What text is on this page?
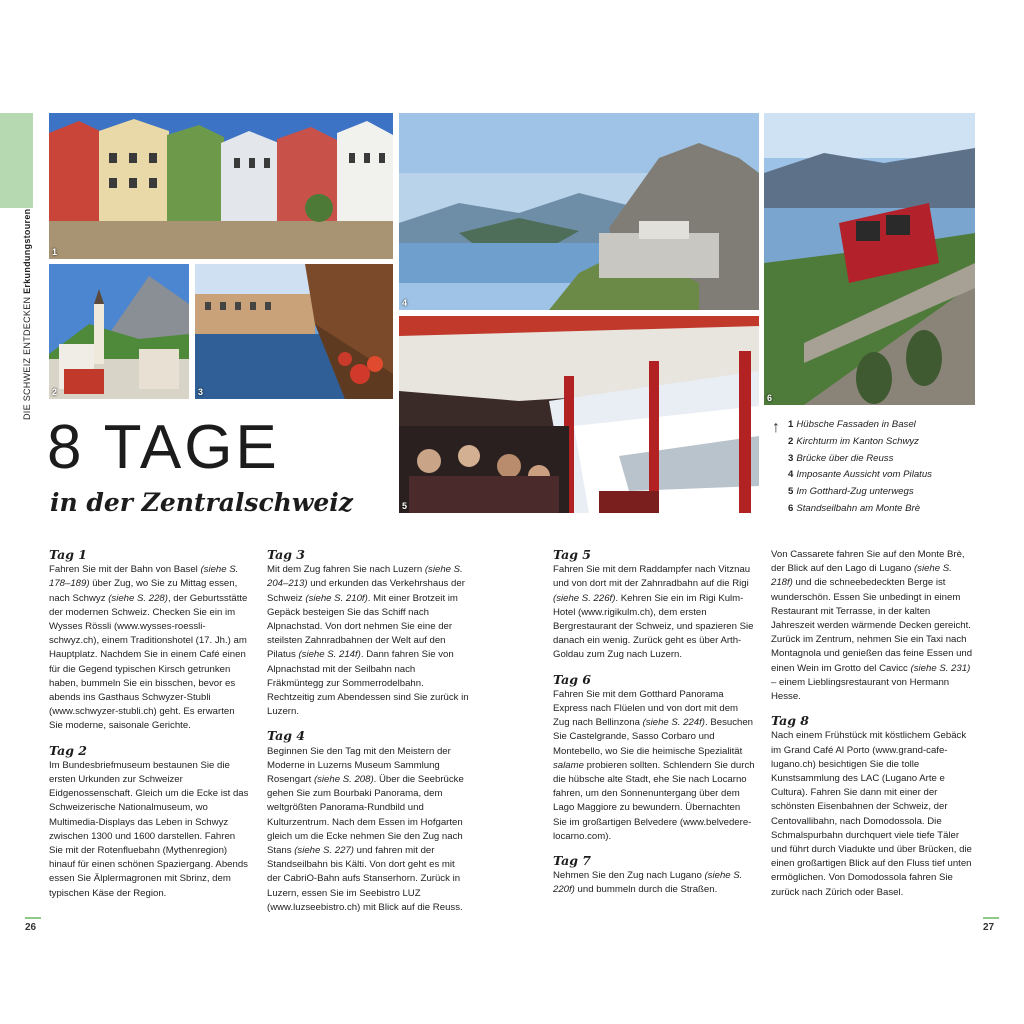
DIE SCHWEIZ ENTDECKEN Erkundungstouren 1
2	3
4
5
6
8 TAGE
in der Zentralschweiz
↑ 1 Hübsche Fassaden in Basel
2 Kirchturm im Kanton Schwyz
3 Brücke über die Reuss
4 Imposante Aussicht vom Pilatus
5 Im Gotthard-Zug unterwegs
6 Standseilbahn am Monte Brè
Tag 1

Fahren Sie mit der Bahn von Basel (siehe S. 178–189) über Zug, wo Sie zu Mittag essen, nach Schwyz (siehe S. 228), der Geburtsstätte der modernen Schweiz. Checken Sie ein im Wysses Rössli (www.wysses-roessli-schwyz.ch), einem Traditionshotel (17. Jh.) am Hauptplatz. Nachdem Sie in einem Café einen für die Gegend typischen Kirsch getrunken haben, bummeln Sie ein bisschen, bevor es abends ins Gasthaus Schwyzer-Stubli (www.schwyzer-stubli.ch) geht. Es erwarten Sie moderne, saisonale Gerichte.

Tag 2

Im Bundesbriefmuseum bestaunen Sie die ersten Urkunden zur Schweizer Eidgenossenschaft. Gleich um die Ecke ist das Schweizerische Nationalmuseum, wo Multimedia-Displays das Leben in Schwyz zwischen 1300 und 1600 darstellen. Fahren Sie mit der Rotenfluebahn (Mythenregion) hinauf für einen schönen Spaziergang. Abends essen Sie Älplermagronen mit Sbrinz, dem typischen Käse der Region.

Tag 3

Mit dem Zug fahren Sie nach Luzern (siehe S. 204–213) und erkunden das Verkehrshaus der Schweiz (siehe S. 210f). Mit einer Brotzeit im Gepäck besteigen Sie das Schiff nach Alpnachstad. Von dort nehmen Sie eine der steilsten Zahnradbahnen der Welt auf den Pilatus (siehe S. 214f). Dann fahren Sie von Alpnachstad mit der Seilbahn nach Fräkmüntegg zur Sommerrodelbahn. Rechtzeitig zum Abendessen sind Sie zurück in Luzern.

Tag 4

Beginnen Sie den Tag mit den Meistern der Moderne in Luzerns Museum Sammlung Rosengart (siehe S. 208). Über die Seebrücke gehen Sie zum Bourbaki Panorama, dem weltgrößten Panorama-Rundbild und Kulturzentrum. Nach dem Essen im Hofgarten gleich um die Ecke nehmen Sie den Zug nach Stans (siehe S. 227) und fahren mit der Standseilbahn bis Kälti. Von dort geht es mit der CabriO-Bahn aufs Stanserhorn. Zurück in Luzern, essen Sie im Seebistro LUZ (www.luzseebistro.ch) mit Blick auf die Reuss.

Tag 5

Fahren Sie mit dem Raddampfer nach Vitznau und von dort mit der Zahnradbahn auf die Rigi (siehe S. 226f). Kehren Sie ein im Rigi Kulm-Hotel (www.rigikulm.ch), dem ersten Bergrestaurant der Schweiz, und spazieren Sie danach ein wenig. Zurück geht es über Arth-Goldau zum Zug nach Luzern.

Tag 6

Fahren Sie mit dem Gotthard Panorama Express nach Flüelen und von dort mit dem Zug nach Bellinzona (siehe S. 224f). Besuchen Sie Castelgrande, Sasso Corbaro und Montebello, wo Sie die heimische Spezialität salame probieren sollten. Schlendern Sie durch die hübsche alte Stadt, ehe Sie nach Locarno fahren, um den Sonnenuntergang über dem Lago Maggiore zu bewundern. Übernachten Sie im großartigen Belvedere (www.belvedere-locarno.com).

Tag 7

Nehmen Sie den Zug nach Lugano (siehe S. 220f) und bummeln durch die Straßen.

Von Cassarete fahren Sie auf den Monte Brè, der Blick auf den Lago di Lugano (siehe S. 218f) und die schneebedeckten Berge ist wunderschön. Essen Sie unbedingt in einem Restaurant mit Terrasse, in der kalten Jahreszeit werden wärmende Decken gereicht. Zurück im Zentrum, nehmen Sie ein Taxi nach Montagnola und genießen das feine Essen und einen Wein im Grotto del Cavicc (siehe S. 231) – einem Lieblingsrestaurant von Hermann Hesse.

Tag 8

Nach einem Frühstück mit köstlichem Gebäck im Grand Café Al Porto (www.grand-cafe-lugano.ch) besichtigen Sie die tolle Kunstsammlung des LAC (Lugano Arte e Cultura). Fahren Sie dann mit einer der schönsten Eisenbahnen der Schweiz, der Centovallibahn, nach Domodossola. Die Schmalspurbahn durchquert viele tiefe Täler und führt durch Viadukte und über Brücken, die einen großartigen Blick auf den Fluss tief unten ermöglichen. Von Domodossola fahren Sie zurück nach Zürich oder Basel.

26	27
